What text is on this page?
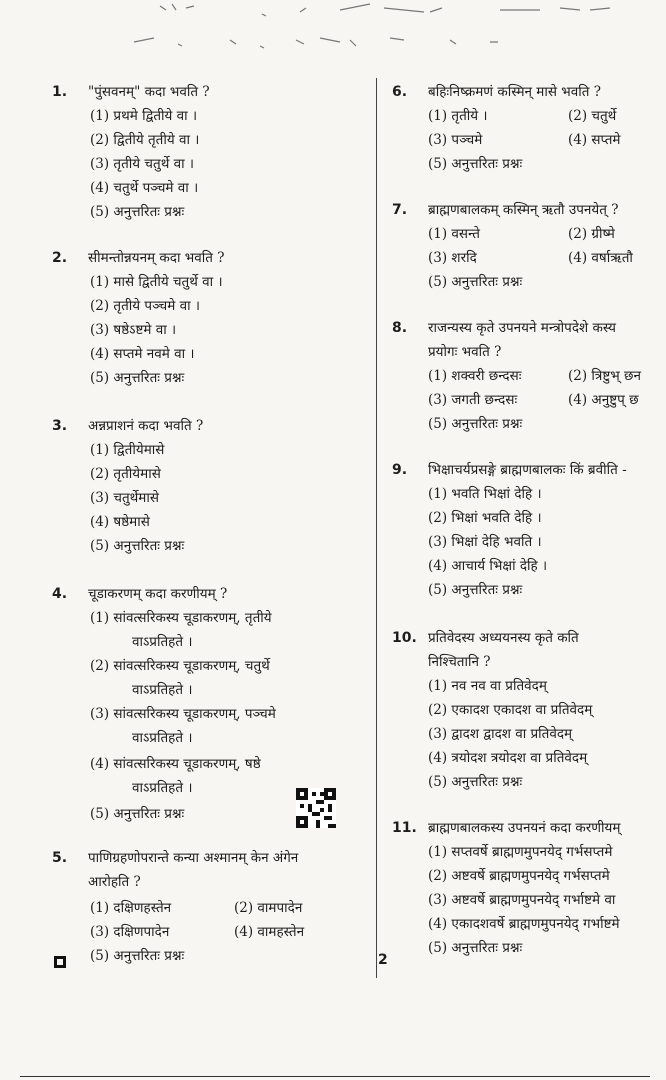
1. "पुंसवनम्" कदा भवति ?
(1) प्रथमे द्वितीये वा ।
(2) द्वितीये तृतीये वा ।
(3) तृतीये चतुर्थे वा ।
(4) चतुर्थे पञ्चमे वा ।
(5) अनुत्तरितः प्रश्नः
2. सीमन्तोन्नयनम् कदा भवति ?
(1) मासे द्वितीये चतुर्थे वा ।
(2) तृतीये पञ्चमे वा ।
(3) षष्ठेऽष्टमे वा ।
(4) सप्तमे नवमे वा ।
(5) अनुत्तरितः प्रश्नः
3. अन्नप्राशनं कदा भवति ?
(1) द्वितीयेमासे
(2) तृतीयेमासे
(3) चतुर्थेमासे
(4) षष्ठेमासे
(5) अनुत्तरितः प्रश्नः
4. चूडाकरणम् कदा करणीयम् ?
(1) सांवत्सरिकस्य चूडाकरणम्, तृतीये
वाऽप्रतिहते ।
(2) सांवत्सरिकस्य चूडाकरणम्, चतुर्थे
वाऽप्रतिहते ।
(3) सांवत्सरिकस्य चूडाकरणम्, पञ्चमे
वाऽप्रतिहते ।
(4) सांवत्सरिकस्य चूडाकरणम्, षष्ठे
वाऽप्रतिहते ।
(5) अनुत्तरितः प्रश्नः
5. पाणिग्रहणोपरान्ते कन्या अश्मानम् केन अंगेन
आरोहति ?
(1) दक्षिणहस्तेन	(2) वामपादेन
(3) दक्षिणपादेन	(4) वामहस्तेन
(5) अनुत्तरितः प्रश्नः
6. बहिःनिष्क्रमणं कस्मिन् मासे भवति ?
(1) तृतीये ।	(2) चतुर्थे
(3) पञ्चमे	(4) सप्तमे
(5) अनुत्तरितः प्रश्नः
7. ब्राह्मणबालकम् कस्मिन् ऋतौ उपनयेत् ?
(1) वसन्ते	(2) ग्रीष्मे
(3) शरदि	(4) वर्षाऋतौ
(5) अनुत्तरितः प्रश्नः
8. राजन्यस्य कृते उपनयने मन्त्रोपदेशे कस्य
प्रयोगः भवति ?
(1) शक्वरी छन्दसः	(2) त्रिष्टुभ् छन
(3) जगती छन्दसः	(4) अनुष्टुप् छ
(5) अनुत्तरितः प्रश्नः
9. भिक्षाचर्यप्रसङ्गे ब्राह्मणबालकः किं ब्रवीति -
(1) भवति भिक्षां देहि ।
(2) भिक्षां भवति देहि ।
(3) भिक्षां देहि भवति ।
(4) आचार्य भिक्षां देहि ।
(5) अनुत्तरितः प्रश्नः
10. प्रतिवेदस्य अध्ययनस्य कृते कति
निश्चितानि ?
(1) नव नव वा प्रतिवेदम्
(2) एकादश एकादश वा प्रतिवेदम्
(3) द्वादश द्वादश वा प्रतिवेदम्
(4) त्रयोदश त्रयोदश वा प्रतिवेदम्
(5) अनुत्तरितः प्रश्नः
11. ब्राह्मणबालकस्य उपनयनं कदा करणीयम्
(1) सप्तवर्षे ब्राह्मणमुपनयेद् गर्भसप्तमे
(2) अष्टवर्षे ब्राह्मणमुपनयेद् गर्भसप्तमे
(3) अष्टवर्षे ब्राह्मणमुपनयेद् गर्भाष्टमे वा
(4) एकादशवर्षे ब्राह्मणमुपनयेद् गर्भाष्टमे
(5) अनुत्तरितः प्रश्नः
2
